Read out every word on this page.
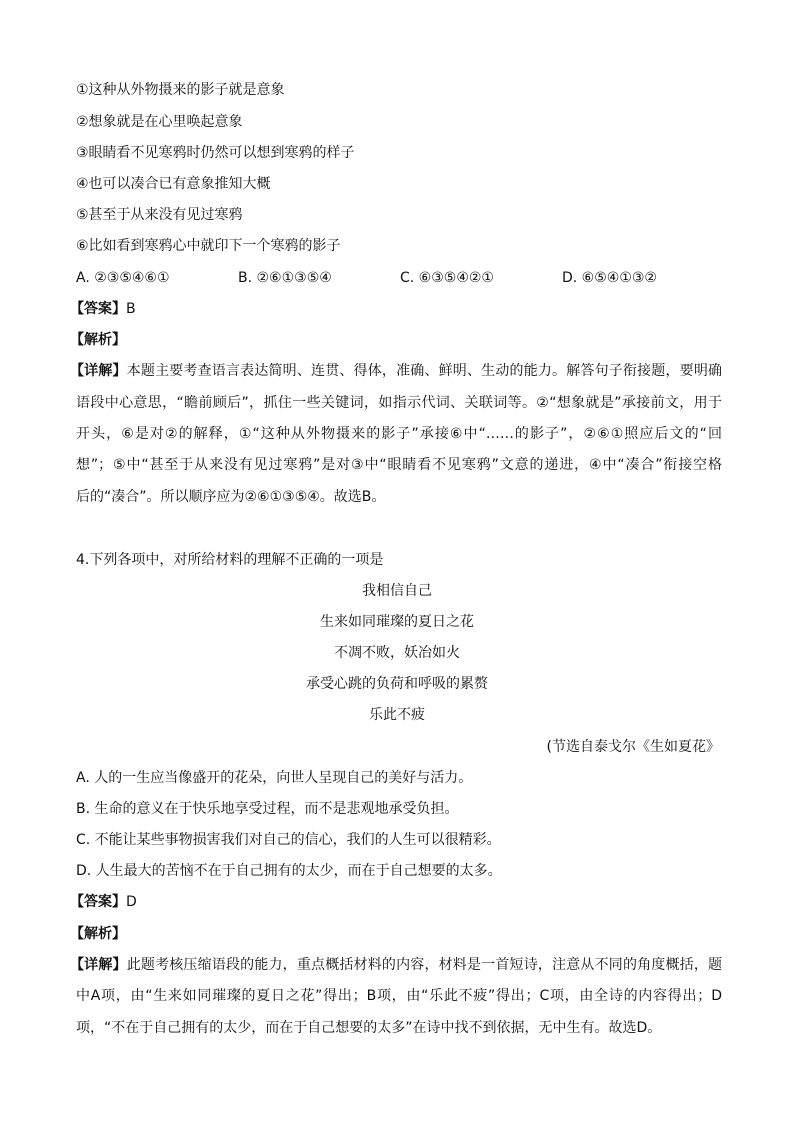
①这种从外物摄来的影子就是意象
②想象就是在心里唤起意象
③眼睛看不见寒鸦时仍然可以想到寒鸦的样子
④也可以凑合已有意象推知大概
⑤甚至于从来没有见过寒鸦
⑥比如看到寒鸦心中就印下一个寒鸦的影子
A. ②③⑤④⑥①	B. ②⑥①③⑤④	C. ⑥③⑤④②①	D. ⑥⑤④①③②
【答案】B
【解析】
【详解】本题主要考查语言表达简明、连贯、得体，准确、鲜明、生动的能力。解答句子衔接题，要明确
语段中心意思，“瞻前顾后”，抓住一些关键词，如指示代词、关联词等。②“想象就是”承接前文，用于
开头，⑥是对②的解释，①“这种从外物摄来的影子”承接⑥中“……的影子”，②⑥①照应后文的“回
想”；⑤中“甚至于从来没有见过寒鸦”是对③中“眼睛看不见寒鸦”文意的递进，④中“凑合”衔接空格
后的“凑合”。所以顺序应为②⑥①③⑤④。故选B。
4.下列各项中，对所给材料的理解不正确的一项是
我相信自己
生来如同璀璨的夏日之花
不凋不败，妖冶如火
承受心跳的负荷和呼吸的累赘
乐此不疲
(节选自泰戈尔《生如夏花》
A. 人的一生应当像盛开的花朵，向世人呈现自己的美好与活力。
B. 生命的意义在于快乐地享受过程，而不是悲观地承受负担。
C. 不能让某些事物损害我们对自己的信心，我们的人生可以很精彩。
D. 人生最大的苦恼不在于自己拥有的太少，而在于自己想要的太多。
【答案】D
【解析】
【详解】此题考核压缩语段的能力，重点概括材料的内容，材料是一首短诗，注意从不同的角度概括，题
中A项，由“生来如同璀璨的夏日之花”得出；B项，由“乐此不疲”得出；C项，由全诗的内容得出；D
项，“不在于自己拥有的太少，而在于自己想要的太多”在诗中找不到依据，无中生有。故选D。
